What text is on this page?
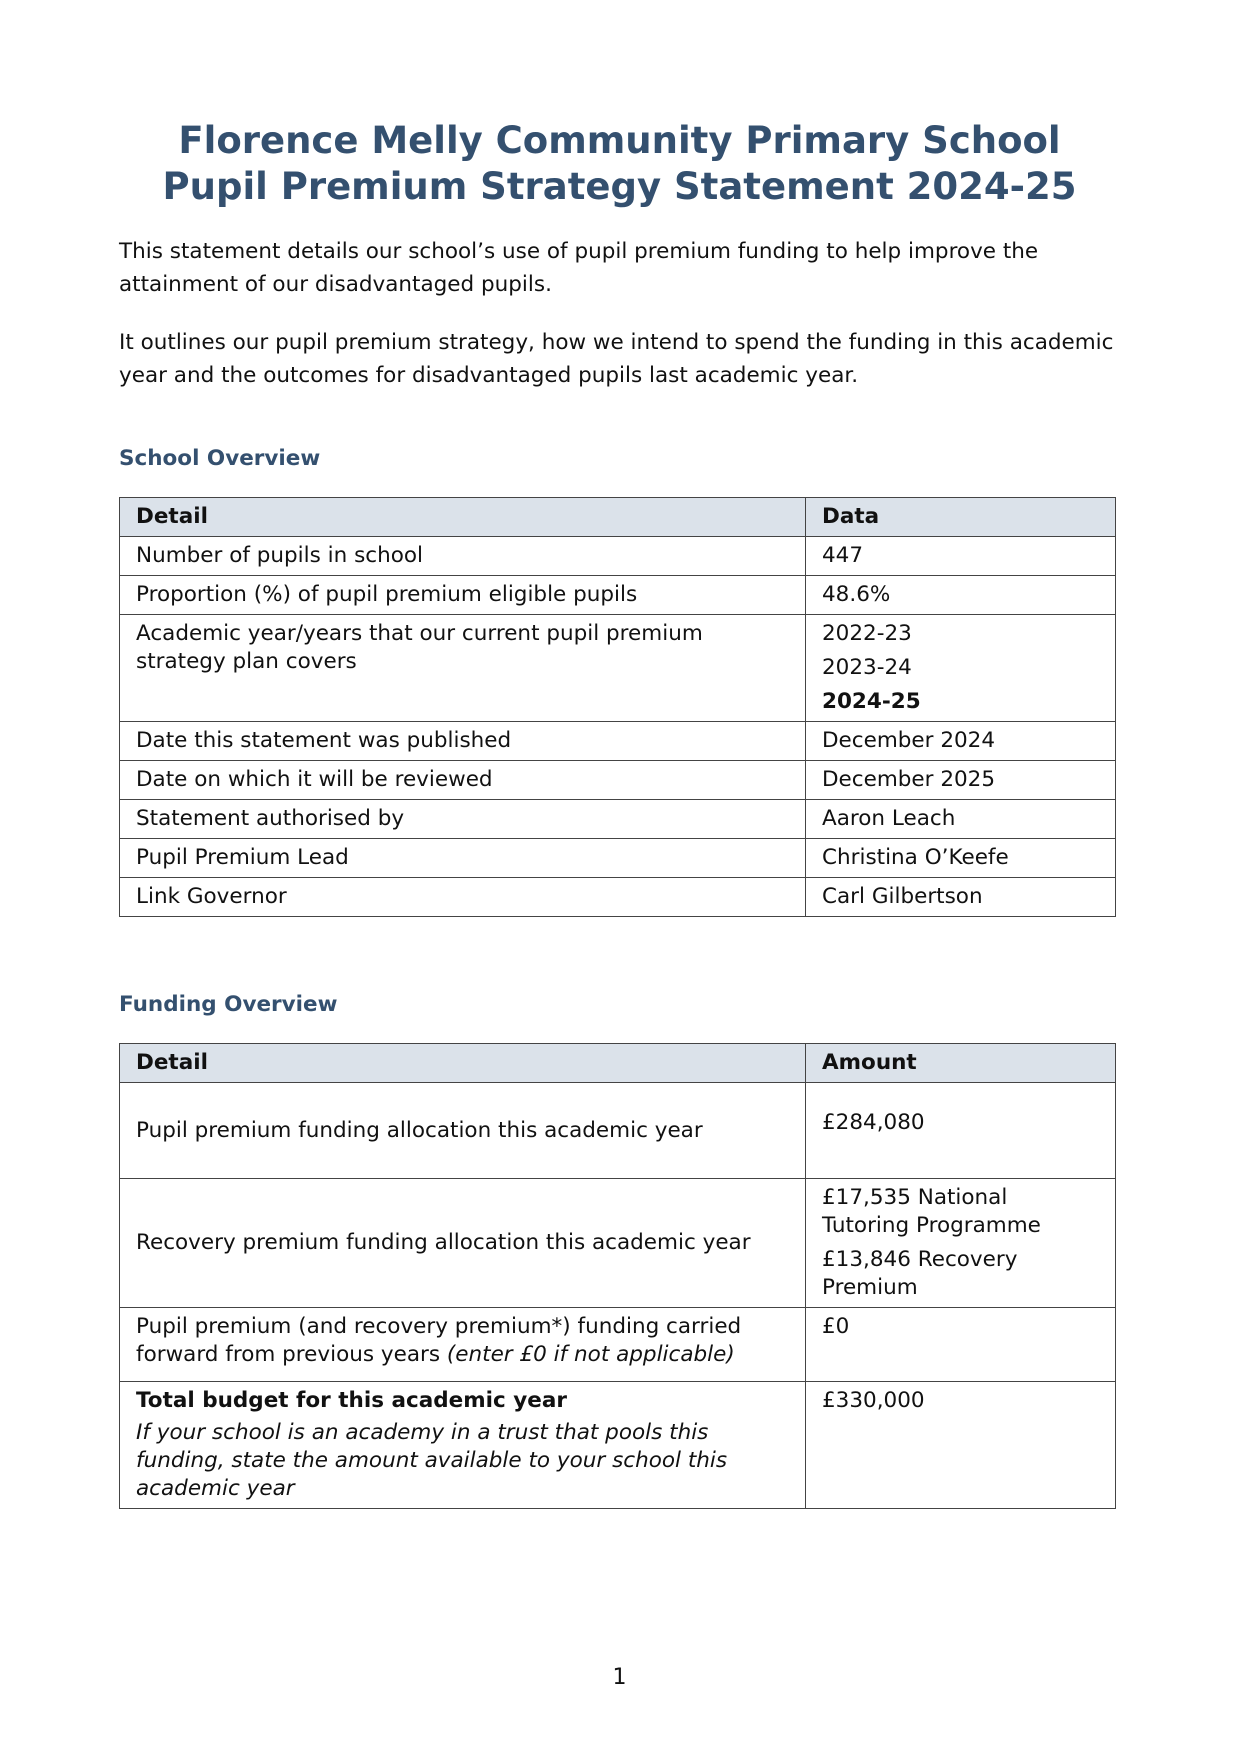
Florence Melly Community Primary School
Pupil Premium Strategy Statement 2024-25
This statement details our school’s use of pupil premium funding to help improve the attainment of our disadvantaged pupils.
It outlines our pupil premium strategy, how we intend to spend the funding in this academic year and the outcomes for disadvantaged pupils last academic year.
School Overview
Detail	Data
Number of pupils in school	447
Proportion (%) of pupil premium eligible pupils	48.6%
Academic year/years that our current pupil premium strategy plan covers	2022-23
2023-24
2024-25

Date this statement was published	December 2024
Date on which it will be reviewed	December 2025
Statement authorised by	Aaron Leach
Pupil Premium Lead	Christina O’Keefe
Link Governor	Carl Gilbertson
Funding Overview
Detail	Amount
Pupil premium funding allocation this academic year	£284,080
Recovery premium funding allocation this academic year	£17,535 National Tutoring Programme
£13,846 Recovery Premium

Pupil premium (and recovery premium*) funding carried forward from previous years (enter £0 if not applicable)	£0

Total budget for this academic year
If your school is an academy in a trust that pools this funding, state the amount available to your school this academic year	£330,000
1
